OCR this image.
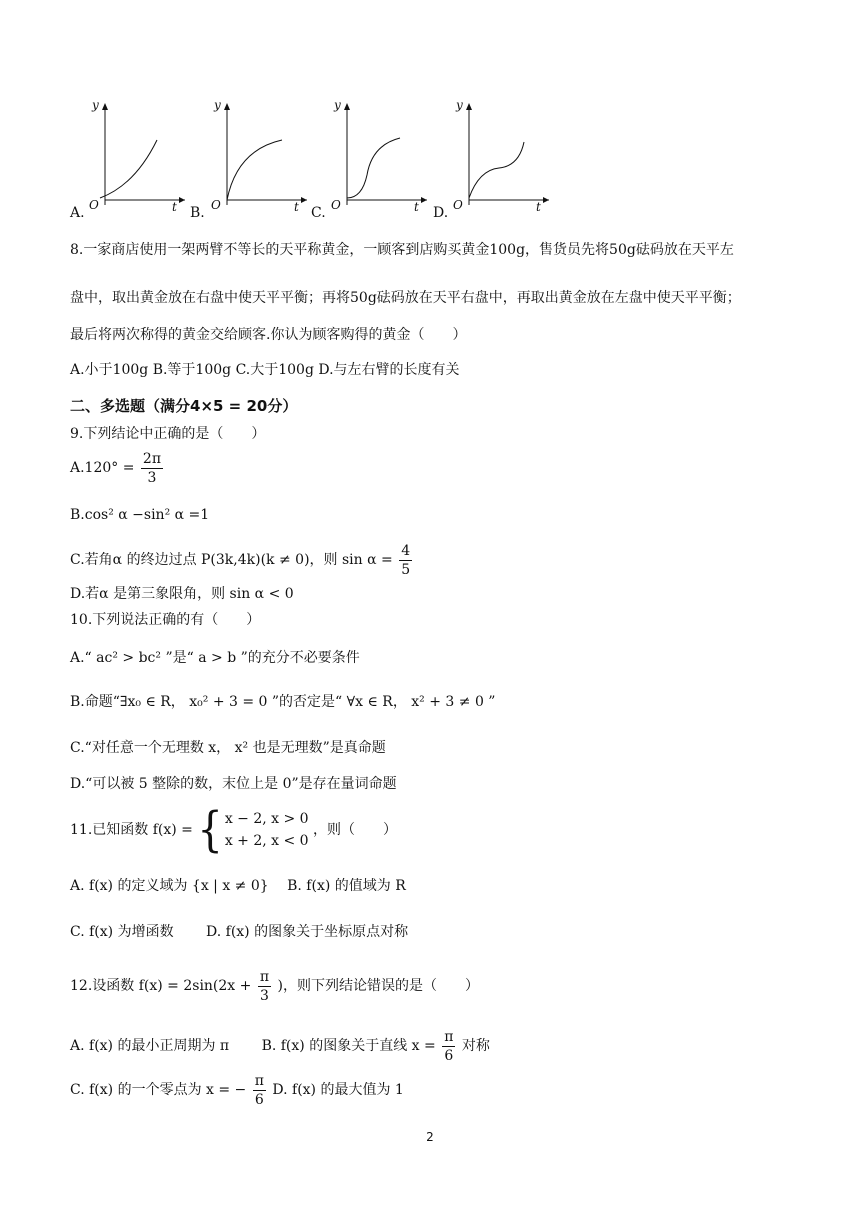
y
O	t
y
O	t
y
O	t
y
O	t
A.	B.	C.	D.
8.一家商店使用一架两臂不等长的天平称黄金，一顾客到店购买黄金100g，售货员先将50g砝码放在天平左
盘中，取出黄金放在右盘中使天平平衡；再将50g砝码放在天平右盘中，再取出黄金放在左盘中使天平平衡；
最后将两次称得的黄金交给顾客.你认为顾客购得的黄金（　　）
A.小于100g B.等于100g C.大于100g D.与左右臂的长度有关
二、多选题（满分4×5 = 20分）
9.下列结论中正确的是（　　）
$A.120^\circ = \frac{2\pi}{3}$
B.cos² α −sin² α =1
C.若角α 的终边过点 P(3k,4k)(k ≠ 0)，则 $\sin \alpha = \frac{4}{5}$
D.若α 是第三象限角，则 sin α < 0
10.下列说法正确的有（　　）
A.“ ac² > bc² ”是“ a > b ”的充分不必要条件
B.命题“∃x₀ ∈ R， x₀² + 3 = 0 ”的否定是“ ∀x ∈ R， x² + 3 ≠ 0 ”
C.“对任意一个无理数 x， x² 也是无理数”是真命题
D.“可以被 5 整除的数，末位上是 0”是存在量词命题
11.已知函数 f(x) = { x − 2, x > 0
x + 2, x < 0
，则（　　）
A. f(x) 的定义域为 {x | x ≠ 0}　 B. f(x) 的值域为 R
C. f(x) 为增函数　　 D. f(x) 的图象关于坐标原点对称
12.设函数 $f(x) = 2\sin(2x + \frac{\pi}{3}$ )，则下列结论错误的是（　　）
A. f(x) 的最小正周期为 π　　 B. f(x) 的图象关于直线 $x = \frac{\pi}{6}$ 对称
C. f(x) 的一个零点为 x = − $\frac{\pi}{6} D$. f(x) 的最大值为 1
2
